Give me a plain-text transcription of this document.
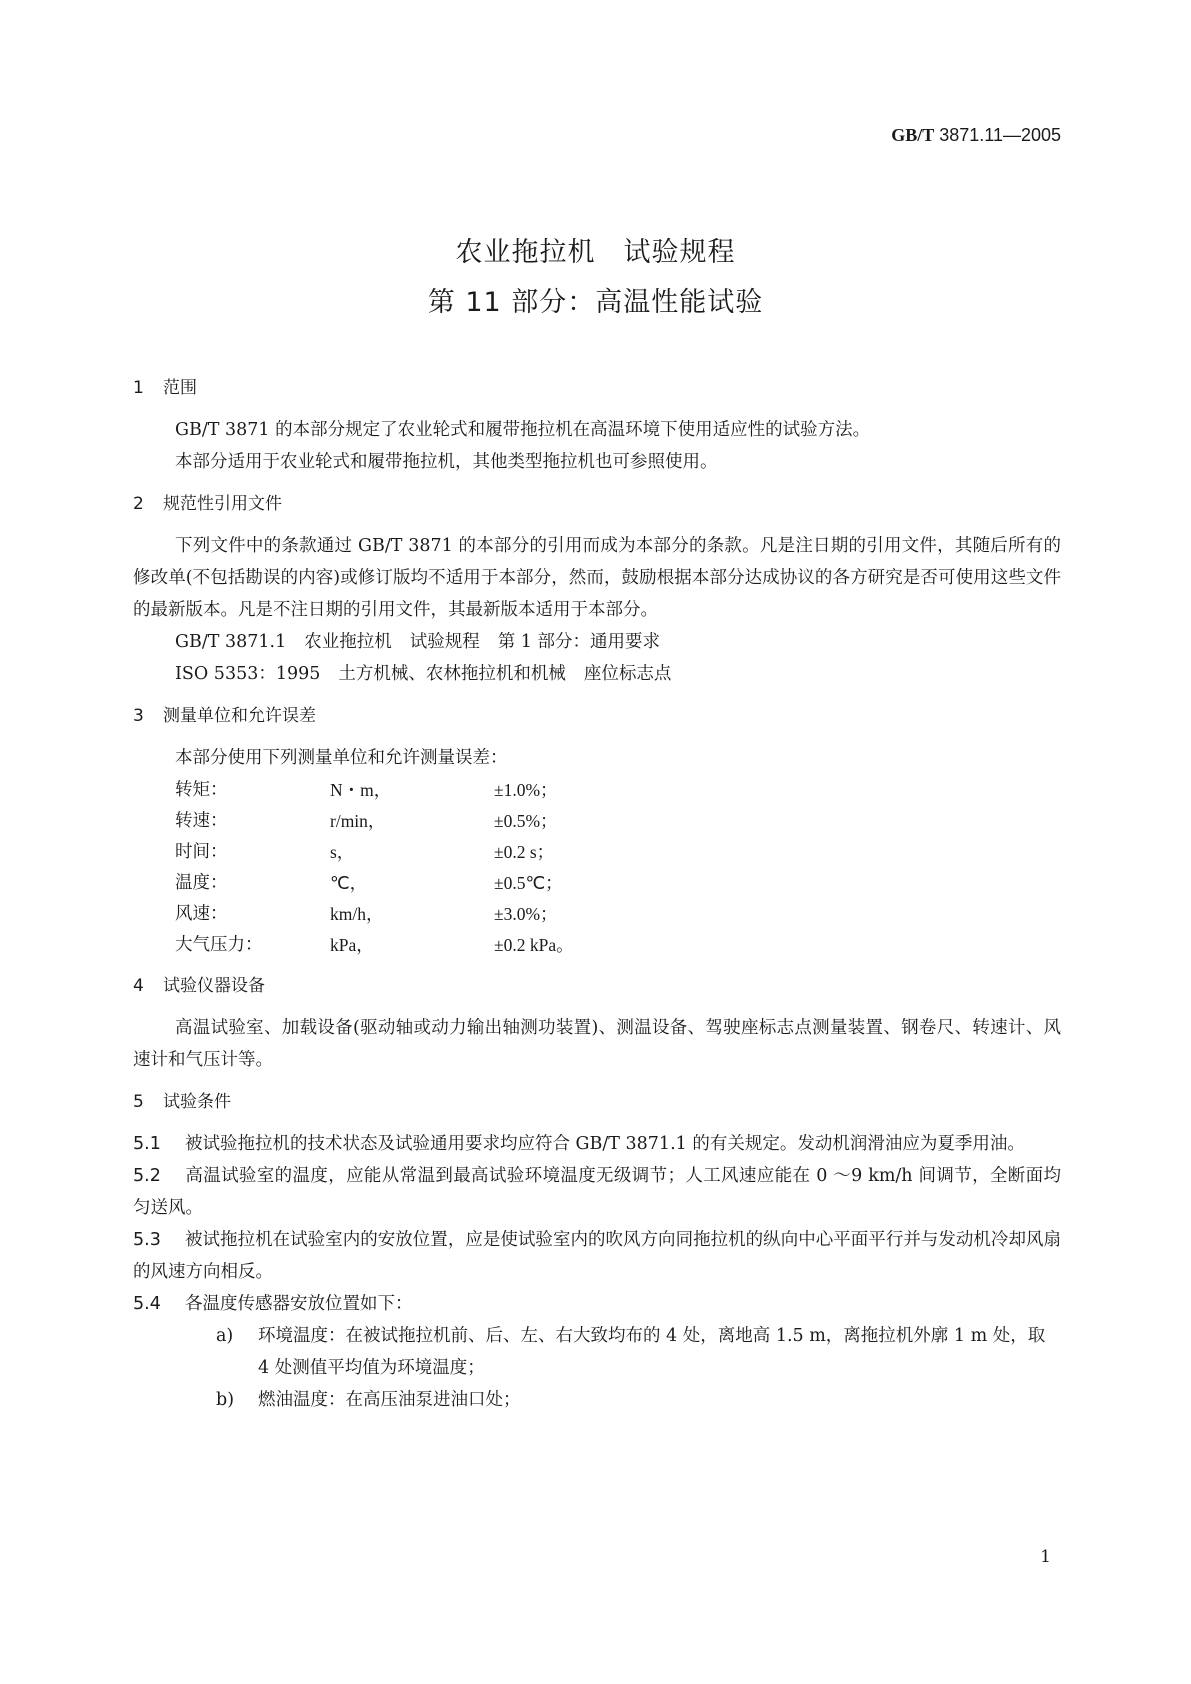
GB/T 3871.11—2005
农业拖拉机　试验规程
第 11 部分：高温性能试验

1 范围

GB/T 3871 的本部分规定了农业轮式和履带拖拉机在高温环境下使用适应性的试验方法。

本部分适用于农业轮式和履带拖拉机，其他类型拖拉机也可参照使用。

2 规范性引用文件

下列文件中的条款通过 GB/T 3871 的本部分的引用而成为本部分的条款。凡是注日期的引用文件，其随后所有的修改单(不包括勘误的内容)或修订版均不适用于本部分，然而，鼓励根据本部分达成协议的各方研究是否可使用这些文件的最新版本。凡是不注日期的引用文件，其最新版本适用于本部分。

GB/T 3871.1 农业拖拉机 试验规程 第 1 部分：通用要求

ISO 5353：1995 土方机械、农林拖拉机和机械 座位标志点

3 测量单位和允许误差

本部分使用下列测量单位和允许测量误差：

转矩：	N・m，	±1.0%；
转速：	r/min，	±0.5%；
时间：	s，	±0.2 s；
温度：	℃，	±0.5℃；
风速：	km/h，	±3.0%；
大气压力：	kPa，	±0.2 kPa。

4 试验仪器设备

高温试验室、加载设备(驱动轴或动力输出轴测功装置)、测温设备、驾驶座标志点测量装置、钢卷尺、转速计、风速计和气压计等。

5 试验条件

5.1 被试验拖拉机的技术状态及试验通用要求均应符合 GB/T 3871.1 的有关规定。发动机润滑油应为夏季用油。

5.2 高温试验室的温度，应能从常温到最高试验环境温度无级调节；人工风速应能在 0 ～9 km/h 间调节，全断面均匀送风。

5.3 被试拖拉机在试验室内的安放位置，应是使试验室内的吹风方向同拖拉机的纵向中心平面平行并与发动机冷却风扇的风速方向相反。

5.4 各温度传感器安放位置如下：

a) 环境温度：在被试拖拉机前、后、左、右大致均布的 4 处，离地高 1.5 m，离拖拉机外廓 1 m 处，取 4 处测值平均值为环境温度；

b) 燃油温度：在高压油泵进油口处；

1
